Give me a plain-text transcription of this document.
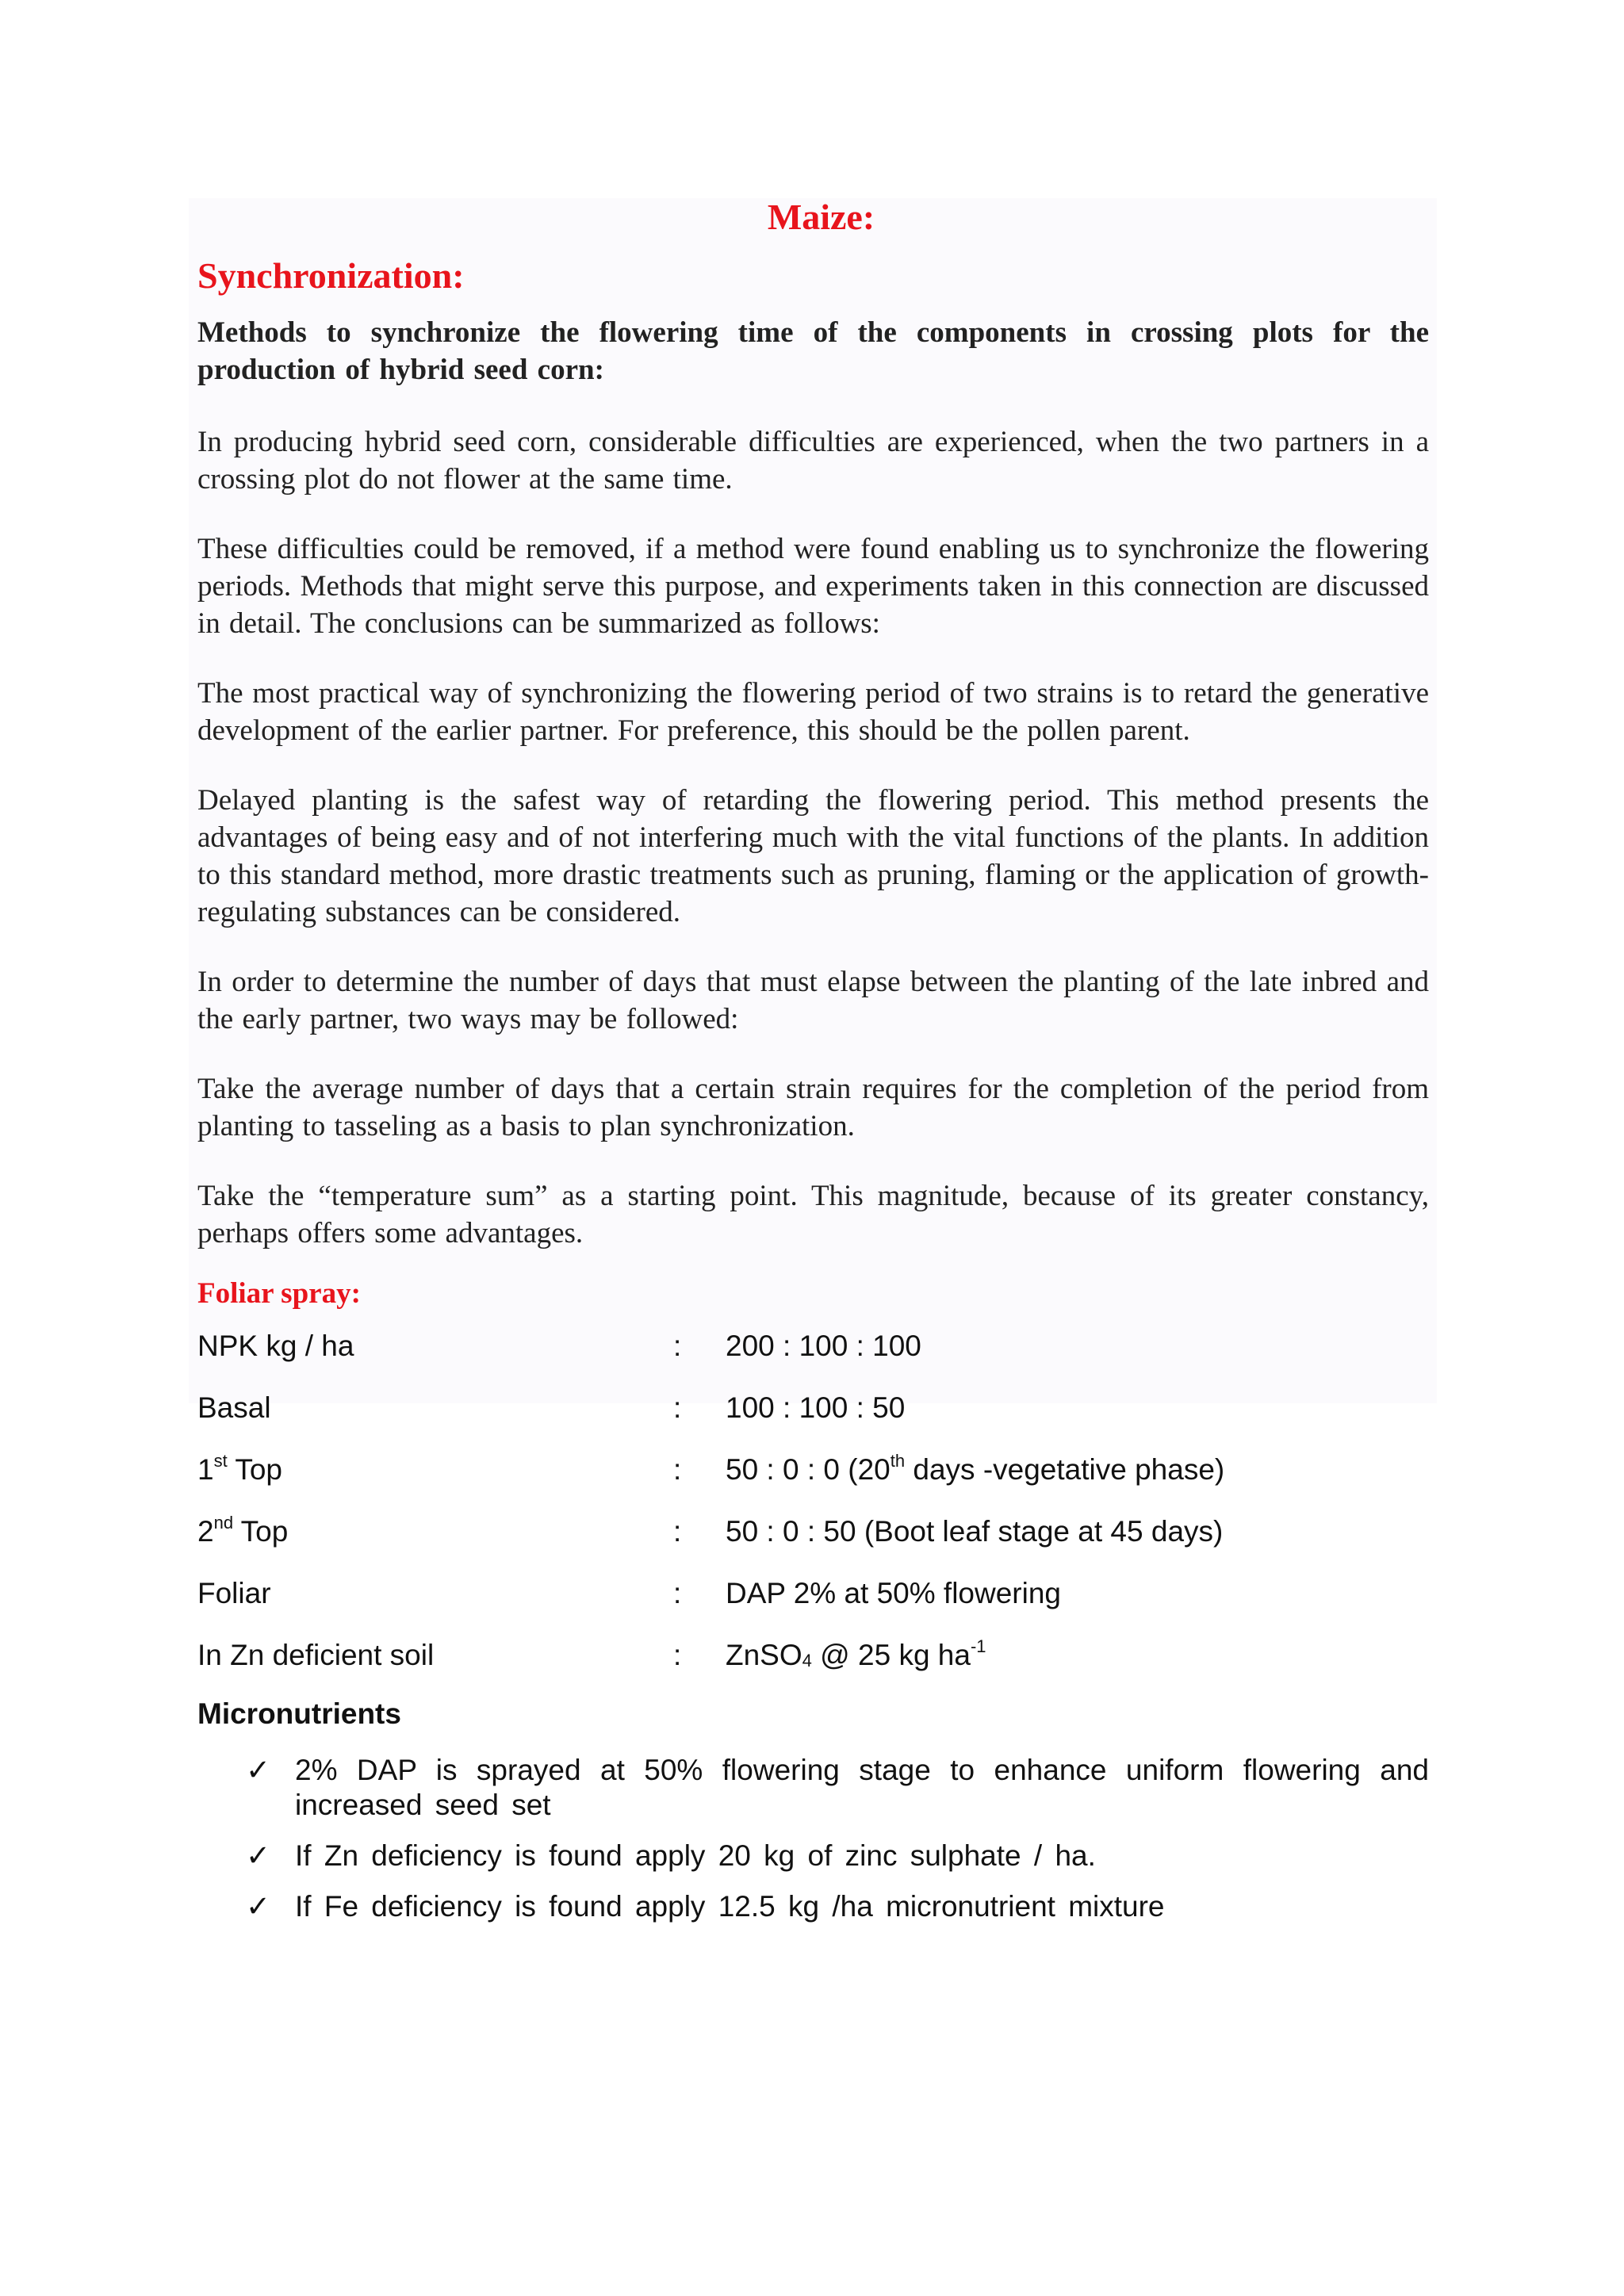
Maize:
Synchronization:

Methods to synchronize the flowering time of the components in crossing plots for the production of hybrid seed corn:

In producing hybrid seed corn, considerable difficulties are experienced, when the two partners in a crossing plot do not flower at the same time.

These difficulties could be removed, if a method were found enabling us to synchronize the flowering periods. Methods that might serve this purpose, and experiments taken in this connection are discussed in detail. The conclusions can be summarized as follows:

The most practical way of synchronizing the flowering period of two strains is to retard the generative development of the earlier partner. For preference, this should be the pollen parent.

Delayed planting is the safest way of retarding the flowering period. This method presents the advantages of being easy and of not interfering much with the vital functions of the plants. In addition to this standard method, more drastic treatments such as pruning, flaming or the application of growth-regulating substances can be considered.

In order to determine the number of days that must elapse between the planting of the late inbred and the early partner, two ways may be followed:

Take the average number of days that a certain strain requires for the completion of the period from planting to tasseling as a basis to plan synchronization.

Take the “temperature sum” as a starting point. This magnitude, because of its greater constancy, perhaps offers some advantages.

Foliar spray:
NPK kg / ha	:	200 : 100 : 100
Basal	:	100 : 100 : 50
1st Top	:	50 : 0 : 0 (20th days -vegetative phase)
2nd Top	:	50 : 0 : 50 (Boot leaf stage at 45 days)
Foliar	:	DAP 2% at 50% flowering
In Zn deficient soil	:	ZnSO$_4$ @ 25 kg $ha^{-1}$
Micronutrients
✓ 2% DAP is sprayed at 50% flowering stage to enhance uniform flowering and increased seed set
✓ If Zn deficiency is found apply 20 kg of zinc sulphate / ha.
✓ If Fe deficiency is found apply 12.5 kg /ha micronutrient mixture
